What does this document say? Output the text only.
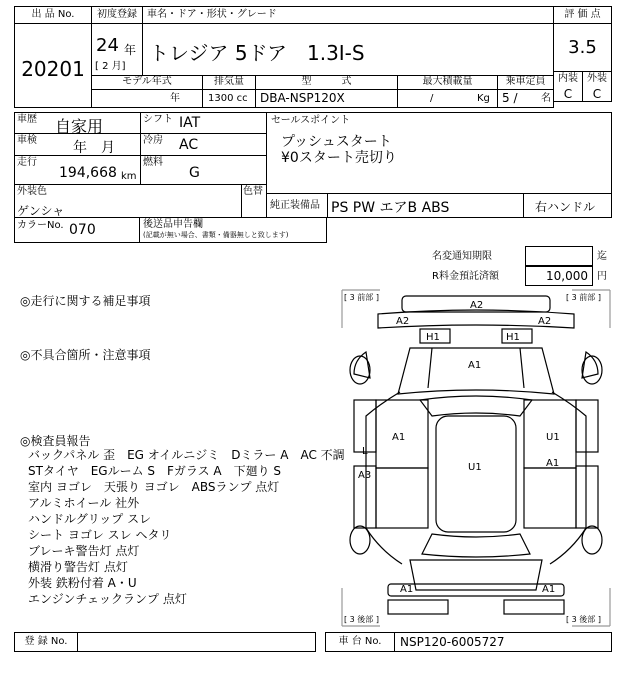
出 品 No.
20201
初度登録
24 年
[ 2 月]
車名・ドア・形状・グレード
トレジア 5ドア　1.3I-S
評 価 点
3.5
内装 外装
C	C
モデル年式	排気量	型　　　式	最大積載量	乗車定員
年	1300 cc DBA-NSP120X	/	Kg 5 / 名
車歴 自家用	シフト IAT
車検	年　月	冷房 AC
走行
194,668 km
燃料
G
外装色
ゲンシャ
色替
カラーNo. 070	後送品申告欄
(記載が無い場合、書類・備器無しと致します)
セールスポイント
プッシュスタート
¥0スタート売切り
純正装備品 PS PW エアB ABS	右ハンドル
名変通知期限	迄
R料金預託済額	10,000 円
◎走行に関する補足事項
◎不具合箇所・注意事項
◎検査員報告
バックパネル 歪　EG オイルニジミ　Dミラー A　AC 不調
STタイヤ　EGルーム S　Fガラス A　下廻り S
室内 ヨゴレ　天張り ヨゴレ　ABSランプ 点灯
アルミホイール 社外
ハンドルグリップ スレ
シート ヨゴレ スレ ヘタリ
ブレーキ警告灯 点灯
横滑り警告灯 点灯
外装 鉄粉付着 A・U
エンジンチェックランプ 点灯
[ 3 前部 ]	[ 3 前部 ]
[ 3 後部 ]	[ 3 後部 ]
A2
A2	A2
H1	H1
A1
A1
L
A3
U1
U1
A1
A1	A1
登 録 No.	車 台 No.	NSP120-6005727
